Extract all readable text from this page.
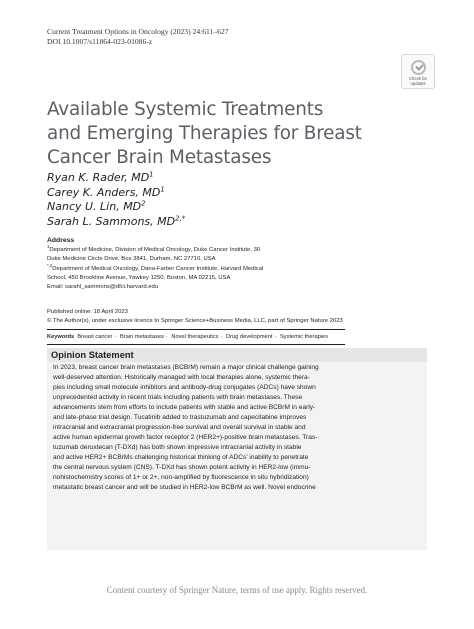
Current Treatment Options in Oncology (2023) 24:611–627
DOI 10.1007/s11864-023-01086-z
Check for
updates
Available Systemic Treatments
and Emerging Therapies for Breast
Cancer Brain Metastases
Ryan K. Rader, $MD^1$
Carey K. Anders, $MD^1$
Nancy U. Lin, $MD^2$
Sarah L. Sammons, $MD^{2,*}$
Address

$^1$Department of Medicine, Division of Medical Oncology, Duke Cancer Institute, 30

Duke Medicine Circle Drive, Box 3841, Durham, NC 27710, USA

$^{*,2}$Department of Medical Oncology, Dana-Farber Cancer Institute, Harvard Medical

School, 450 Brookline Avenue, Yawkey 1250, Boston, MA 02215, USA

Email: sarahl_sammons@dfci.harvard.edu

Published online: 18 April 2023
© The Author(s), under exclusive licence to Springer Science+Business Media, LLC, part of Springer Nature 2023
Keywords Breast cancer · Brain metastases · Novel therapeutics · Drug development · Systemic therapies
Opinion Statement
In 2023, breast cancer brain metastases (BCBrM) remain a major clinical challenge gaining
well-deserved attention. Historically managed with local therapies alone, systemic thera-
pies including small molecule inhibitors and antibody-drug conjugates (ADCs) have shown
unprecedented activity in recent trials including patients with brain metastases. These
advancements stem from efforts to include patients with stable and active BCBrM in early-
and late-phase trial design. Tucatinib added to trastuzumab and capecitabine improves
intracranial and extracranial progression-free survival and overall survival in stable and
active human epidermal growth factor receptor 2 (HER2+)-positive brain metastases. Tras-
tuzumab deruxtecan (T-DXd) has both shown impressive intracranial activity in stable
and active HER2+ BCBrMs challenging historical thinking of ADCs’ inability to penetrate
the central nervous system (CNS). T-DXd has shown potent activity in HER2-low (immu-
nohistochemistry scores of 1+ or 2+, non-amplified by fluorescence in situ hybridization)
metastatic breast cancer and will be studied in HER2-low BCBrM as well. Novel endocrine
Content courtesy of Springer Nature, terms of use apply. Rights reserved.
